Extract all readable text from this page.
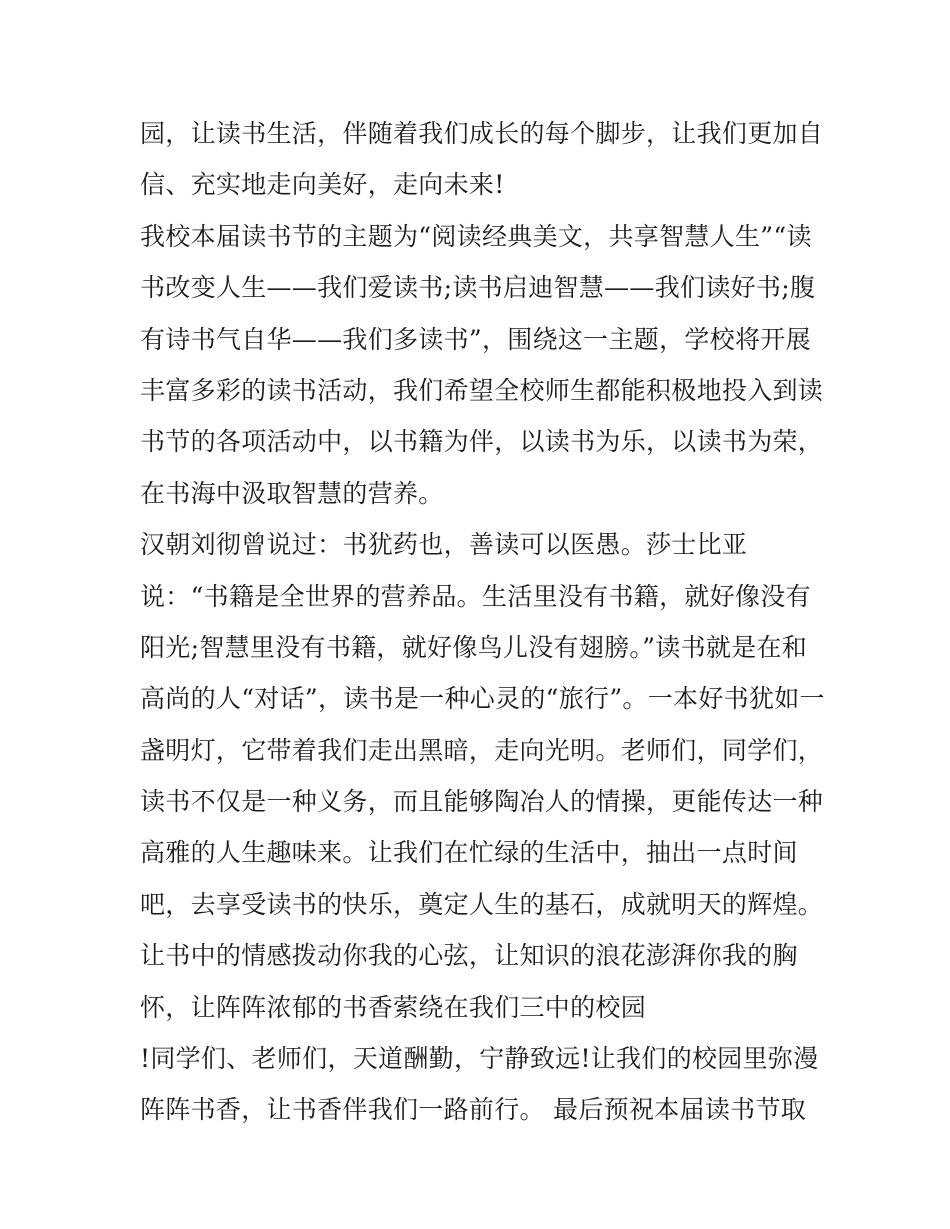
园，让读书生活，伴随着我们成长的每个脚步，让我们更加自
信、充实地走向美好，走向未来!
我校本届读书节的主题为“阅读经典美文，共享智慧人生”“读
书改变人生——我们爱读书;读书启迪智慧——我们读好书;腹
有诗书气自华——我们多读书”，围绕这一主题，学校将开展
丰富多彩的读书活动，我们希望全校师生都能积极地投入到读
书节的各项活动中，以书籍为伴，以读书为乐，以读书为荣，
在书海中汲取智慧的营养。
汉朝刘彻曾说过：书犹药也，善读可以医愚。莎士比亚
说：“书籍是全世界的营养品。生活里没有书籍，就好像没有
阳光;智慧里没有书籍，就好像鸟儿没有翅膀。”读书就是在和
高尚的人“对话”，读书是一种心灵的“旅行”。一本好书犹如一
盏明灯，它带着我们走出黑暗，走向光明。老师们，同学们，
读书不仅是一种义务，而且能够陶冶人的情操，更能传达一种
高雅的人生趣味来。让我们在忙绿的生活中，抽出一点时间
吧，去享受读书的快乐，奠定人生的基石，成就明天的辉煌。
让书中的情感拨动你我的心弦，让知识的浪花澎湃你我的胸
怀，让阵阵浓郁的书香萦绕在我们三中的校园
!同学们、老师们，天道酬勤，宁静致远!让我们的校园里弥漫
阵阵书香，让书香伴我们一路前行。 最后预祝本届读书节取
